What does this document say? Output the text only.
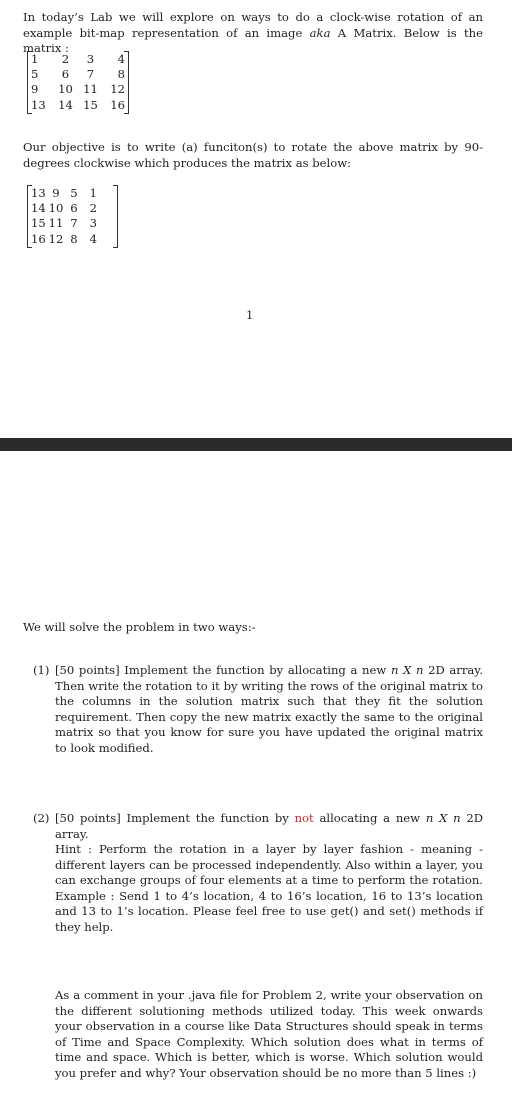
In today’s Lab we will explore on ways to do a clock-wise rotation of an example bit-map representation of an image aka A Matrix. Below is the matrix :
1	2	3	4
5	6	7	8
9	10 11	12
13	14 15	16
Our objective is to write (a) funciton(s) to rotate the above matrix by 90-degrees clockwise which produces the matrix as below:
13 9 5	1
14 10 6	2
15 11 7	3
16 12 8	4
1
We will solve the problem in two ways:-
(1) [50 points] Implement the function by allocating a new n X n 2D array. Then write the rotation to it by writing the rows of the original matrix to the columns in the solution matrix such that they fit the solution requirement. Then copy the new matrix exactly the same to the original matrix so that you know for sure you have updated the original matrix to look modified.
(2) [50 points] Implement the function by not allocating a new n X n 2D array.
Hint : Perform the rotation in a layer by layer fashion - meaning - different layers can be processed independently. Also within a layer, you can exchange groups of four elements at a time to perform the rotation. Example : Send 1 to 4’s location, 4 to 16’s location, 16 to 13’s location and 13 to 1’s location. Please feel free to use get() and set() methods if they help.
As a comment in your .java file for Problem 2, write your observation on the different solutioning methods utilized today. This week onwards your observation in a course like Data Structures should speak in terms of Time and Space Complexity. Which solution does what in terms of time and space. Which is better, which is worse. Which solution would you prefer and why? Your observation should be no more than 5 lines :)
